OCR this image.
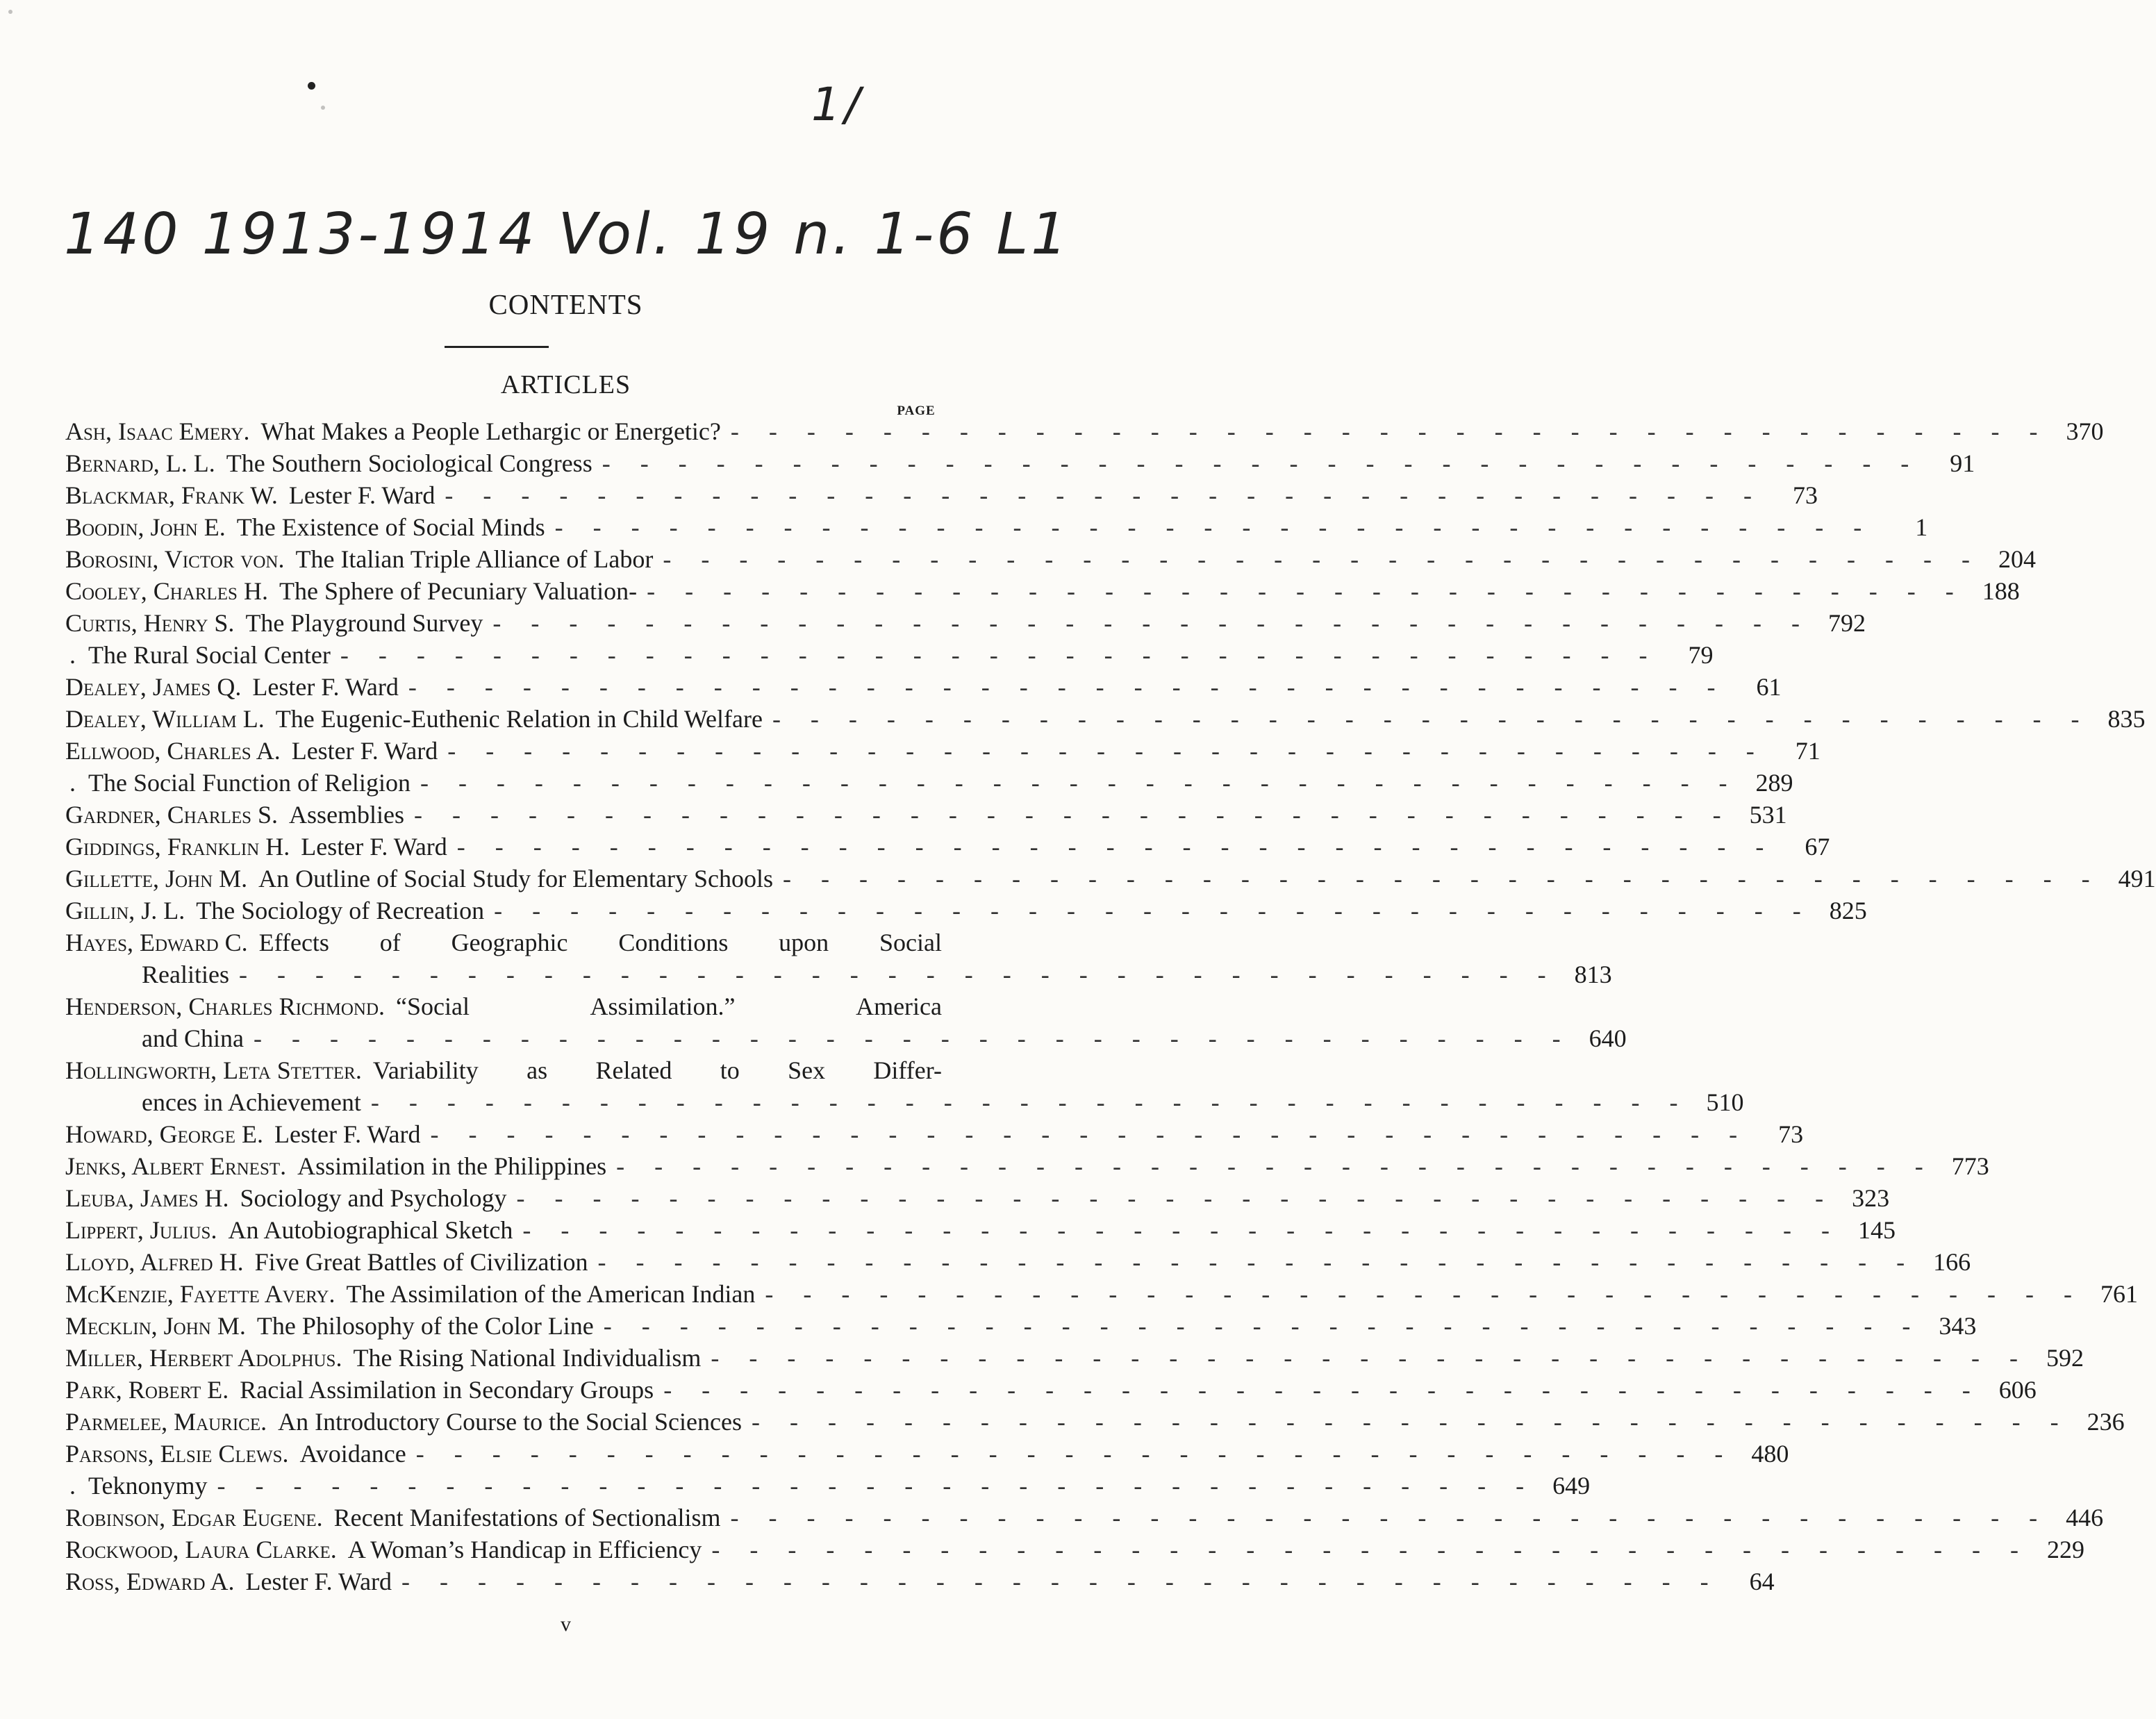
1/
140 1913-1914 Vol. 19 n. 1-6 L1
CONTENTS
ARTICLES
PAGE
Ash, Isaac Emery. What Makes a People Lethargic or Energetic? - - - - - - - - - - - - - - - - - - - - - - - - - - - - - - - - - - - 370
Bernard, L. L. The Southern Sociological Congress - - - - - - - - - - - - - - - - - - - - - - - - - - - - - - - - - - -	91
Blackmar, Frank W. Lester F. Ward - - - - - - - - - - - - - - - - - - - - - - - - - - - - - - - - - - -	73
Boodin, John E. The Existence of Social Minds - - - - - - - - - - - - - - - - - - - - - - - - - - - - - - - - - - -	1
Borosini, Victor von. The Italian Triple Alliance of Labor - - - - - - - - - - - - - - - - - - - - - - - - - - - - - - - - - - - 204
Cooley, Charles H. The Sphere of Pecuniary Valuation- - - - - - - - - - - - - - - - - - - - - - - - - - - - - - - - - - - - 188
Curtis, Henry S. The Playground Survey - - - - - - - - - - - - - - - - - - - - - - - - - - - - - - - - - - - 792
. The Rural Social Center - - - - - - - - - - - - - - - - - - - - - - - - - - - - - - - - - - -	79
Dealey, James Q. Lester F. Ward - - - - - - - - - - - - - - - - - - - - - - - - - - - - - - - - - - -	61
Dealey, William L. The Eugenic-Euthenic Relation in Child Welfare - - - - - - - - - - - - - - - - - - - - - - - - - - - - - - - - - - - 835
Ellwood, Charles A. Lester F. Ward - - - - - - - - - - - - - - - - - - - - - - - - - - - - - - - - - - -	71
. The Social Function of Religion - - - - - - - - - - - - - - - - - - - - - - - - - - - - - - - - - - - 289
Gardner, Charles S. Assemblies - - - - - - - - - - - - - - - - - - - - - - - - - - - - - - - - - - - 531
Giddings, Franklin H. Lester F. Ward - - - - - - - - - - - - - - - - - - - - - - - - - - - - - - - - - - -	67
Gillette, John M. An Outline of Social Study for Elementary Schools - - - - - - - - - - - - - - - - - - - - - - - - - - - - - - - - - - - 491
Gillin, J. L. The Sociology of Recreation - - - - - - - - - - - - - - - - - - - - - - - - - - - - - - - - - - - 825
Hayes, Edward C. Effects of Geographic Conditions upon Social
Realities - - - - - - - - - - - - - - - - - - - - - - - - - - - - - - - - - - - 813
Henderson, Charles Richmond. “Social Assimilation.” America
and China - - - - - - - - - - - - - - - - - - - - - - - - - - - - - - - - - - - 640
Hollingworth, Leta Stetter. Variability as Related to Sex Differ-
ences in Achievement - - - - - - - - - - - - - - - - - - - - - - - - - - - - - - - - - - - 510
Howard, George E. Lester F. Ward - - - - - - - - - - - - - - - - - - - - - - - - - - - - - - - - - - -	73
Jenks, Albert Ernest. Assimilation in the Philippines - - - - - - - - - - - - - - - - - - - - - - - - - - - - - - - - - - - 773
Leuba, James H. Sociology and Psychology - - - - - - - - - - - - - - - - - - - - - - - - - - - - - - - - - - - 323
Lippert, Julius. An Autobiographical Sketch - - - - - - - - - - - - - - - - - - - - - - - - - - - - - - - - - - - 145
Lloyd, Alfred H. Five Great Battles of Civilization - - - - - - - - - - - - - - - - - - - - - - - - - - - - - - - - - - - 166
McKenzie, Fayette Avery. The Assimilation of the American Indian - - - - - - - - - - - - - - - - - - - - - - - - - - - - - - - - - - - 761
Mecklin, John M. The Philosophy of the Color Line - - - - - - - - - - - - - - - - - - - - - - - - - - - - - - - - - - - 343
Miller, Herbert Adolphus. The Rising National Individualism - - - - - - - - - - - - - - - - - - - - - - - - - - - - - - - - - - - 592
Park, Robert E. Racial Assimilation in Secondary Groups - - - - - - - - - - - - - - - - - - - - - - - - - - - - - - - - - - - 606
Parmelee, Maurice. An Introductory Course to the Social Sciences - - - - - - - - - - - - - - - - - - - - - - - - - - - - - - - - - - - 236
Parsons, Elsie Clews. Avoidance - - - - - - - - - - - - - - - - - - - - - - - - - - - - - - - - - - - 480
. Teknonymy - - - - - - - - - - - - - - - - - - - - - - - - - - - - - - - - - - - 649
Robinson, Edgar Eugene. Recent Manifestations of Sectionalism - - - - - - - - - - - - - - - - - - - - - - - - - - - - - - - - - - - 446
Rockwood, Laura Clarke. A Woman’s Handicap in Efficiency - - - - - - - - - - - - - - - - - - - - - - - - - - - - - - - - - - - 229
Ross, Edward A. Lester F. Ward - - - - - - - - - - - - - - - - - - - - - - - - - - - - - - - - - - -	64
v
